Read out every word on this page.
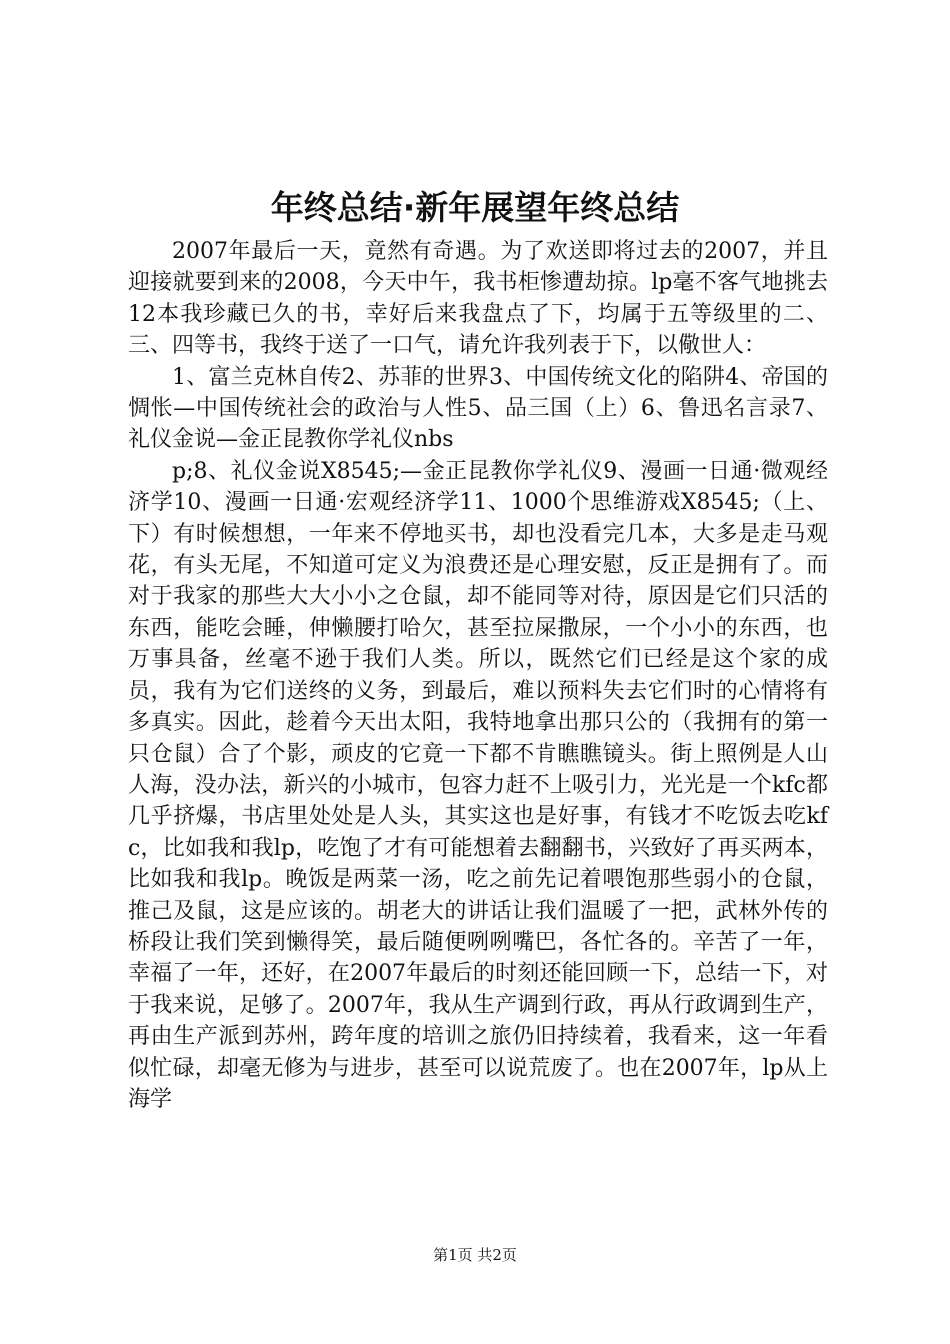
年终总结·新年展望年终总结

2007年最后一天，竟然有奇遇。为了欢送即将过去的2007，并且迎接就要到来的2008，今天中午，我书柜惨遭劫掠。lp毫不客气地挑去12本我珍藏已久的书，幸好后来我盘点了下，均属于五等级里的二、三、四等书，我终于送了一口气，请允许我列表于下，以儆世人：

1、富兰克林自传2、苏菲的世界3、中国传统文化的陷阱4、帝国的惆怅—中国传统社会的政治与人性5、品三国（上）6、鲁迅名言录7、礼仪金说—金正昆教你学礼仪nbs

p;8、礼仪金说X8545;—金正昆教你学礼仪9、漫画一日通·微观经济学10、漫画一日通·宏观经济学11、1000个思维游戏X8545;（上、下）有时候想想，一年来不停地买书，却也没看完几本，大多是走马观花，有头无尾，不知道可定义为浪费还是心理安慰，反正是拥有了。而对于我家的那些大大小小之仓鼠，却不能同等对待，原因是它们只活的东西，能吃会睡，伸懒腰打哈欠，甚至拉屎撒尿，一个小小的东西，也万事具备，丝毫不逊于我们人类。所以，既然它们已经是这个家的成员，我有为它们送终的义务，到最后，难以预料失去它们时的心情将有多真实。因此，趁着今天出太阳，我特地拿出那只公的（我拥有的第一只仓鼠）合了个影，顽皮的它竟一下都不肯瞧瞧镜头。街上照例是人山人海，没办法，新兴的小城市，包容力赶不上吸引力，光光是一个kfc都几乎挤爆，书店里处处是人头，其实这也是好事，有钱才不吃饭去吃kfc，比如我和我lp，吃饱了才有可能想着去翻翻书，兴致好了再买两本，比如我和我lp。晚饭是两菜一汤，吃之前先记着喂饱那些弱小的仓鼠，推己及鼠，这是应该的。胡老大的讲话让我们温暖了一把，武林外传的桥段让我们笑到懒得笑，最后随便咧咧嘴巴，各忙各的。辛苦了一年，幸福了一年，还好，在2007年最后的时刻还能回顾一下，总结一下，对于我来说，足够了。2007年，我从生产调到行政，再从行政调到生产，再由生产派到苏州，跨年度的培训之旅仍旧持续着，我看来，这一年看似忙碌，却毫无修为与进步，甚至可以说荒废了。也在2007年，lp从上海学

第1页 共2页
